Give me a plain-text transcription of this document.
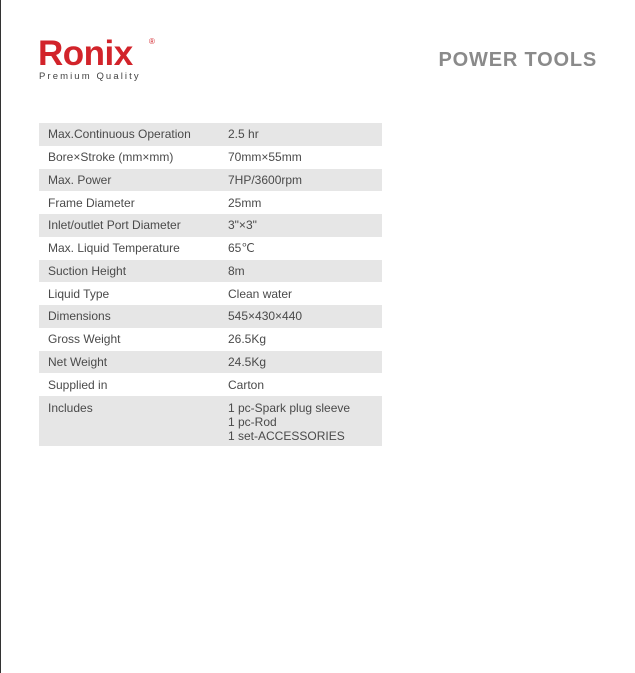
Ronix ®
Premium Quality
POWER TOOLS
Max.Continuous Operation	2.5 hr
Bore×Stroke (mm×mm)	70mm×55mm
Max. Power	7HP/3600rpm
Frame Diameter	25mm
Inlet/outlet Port Diameter	3"×3"
Max. Liquid Temperature	65℃
Suction Height	8m
Liquid Type	Clean water
Dimensions	545×430×440
Gross Weight	26.5Kg
Net Weight	24.5Kg
Supplied in	Carton
Includes	1 pc-Spark plug sleeve
1 pc-Rod
1 set-ACCESSORIES
